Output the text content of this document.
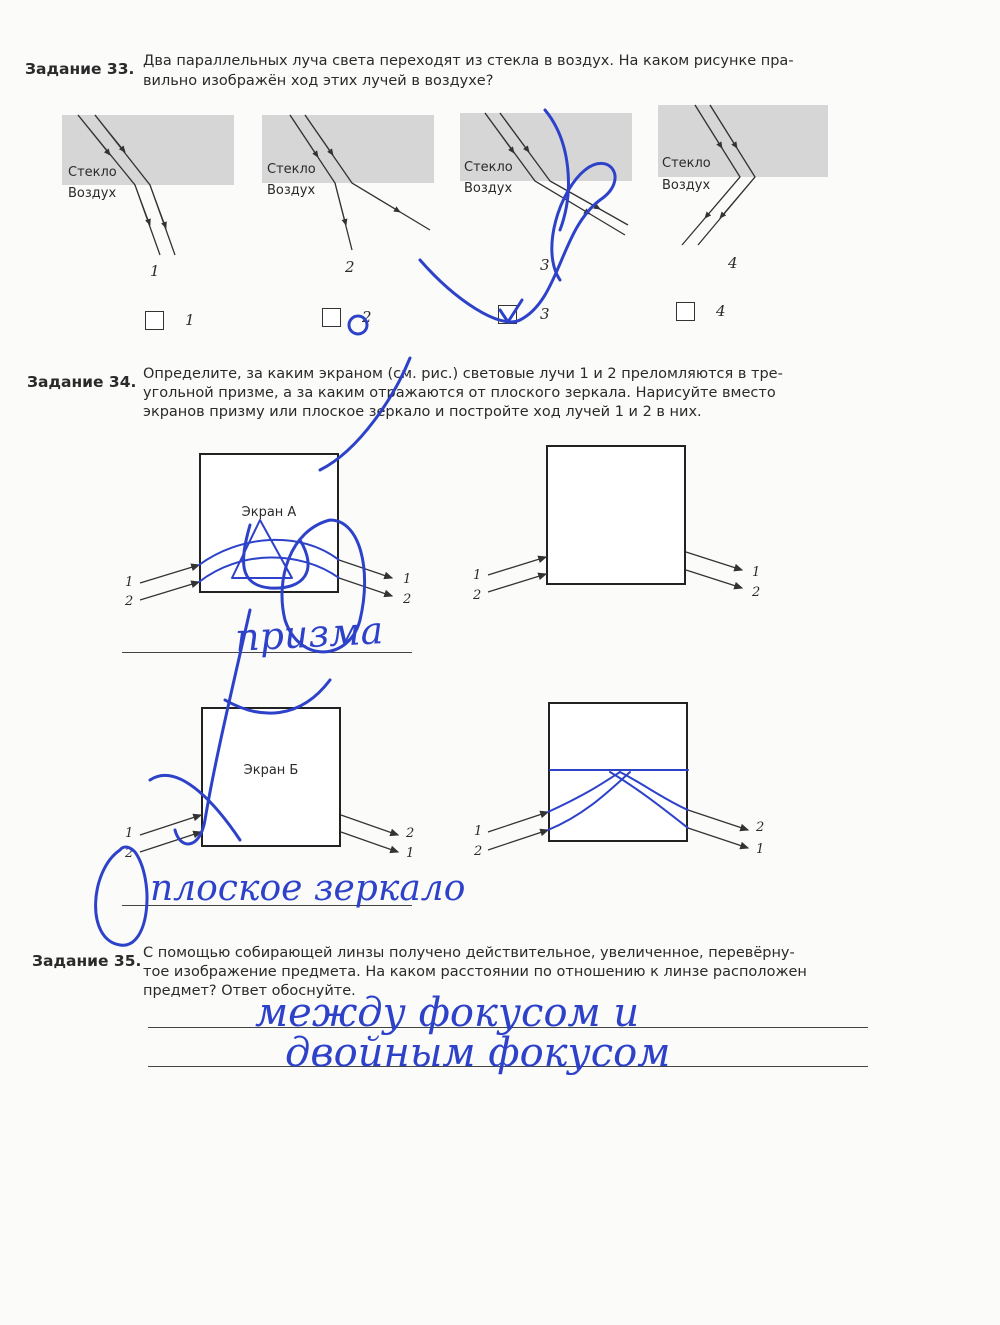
Задание 33. Два параллельных луча света переходят из стекла в воздух. На каком рисунке пра-
вильно изображён ход этих лучей в воздухе?
Стекло
Воздух
1
Стекло
Воздух
2
Стекло
Воздух
3
Стекло
Воздух
4
1	2	3	4
Задание 34. Определите, за каким экраном (см. рис.) световые лучи 1 и 2 преломляются в тре-
угольной призме, а за каким отражаются от плоского зеркала. Нарисуйте вместо
экранов призму или плоское зеркало и постройте ход лучей 1 и 2 в них.
Экран А
Экран Б
1
2
1
2
1
2
1
2
1
2
2
1
1
2
2
1
Задание 35. С помощью собирающей линзы получено действительное, увеличенное, перевёрну-
тое изображение предмета. На каком расстоянии по отношению к линзе расположен
предмет? Ответ обоснуйте.
призма
плоское зеркало
между фокусом и
двойным фокусом
